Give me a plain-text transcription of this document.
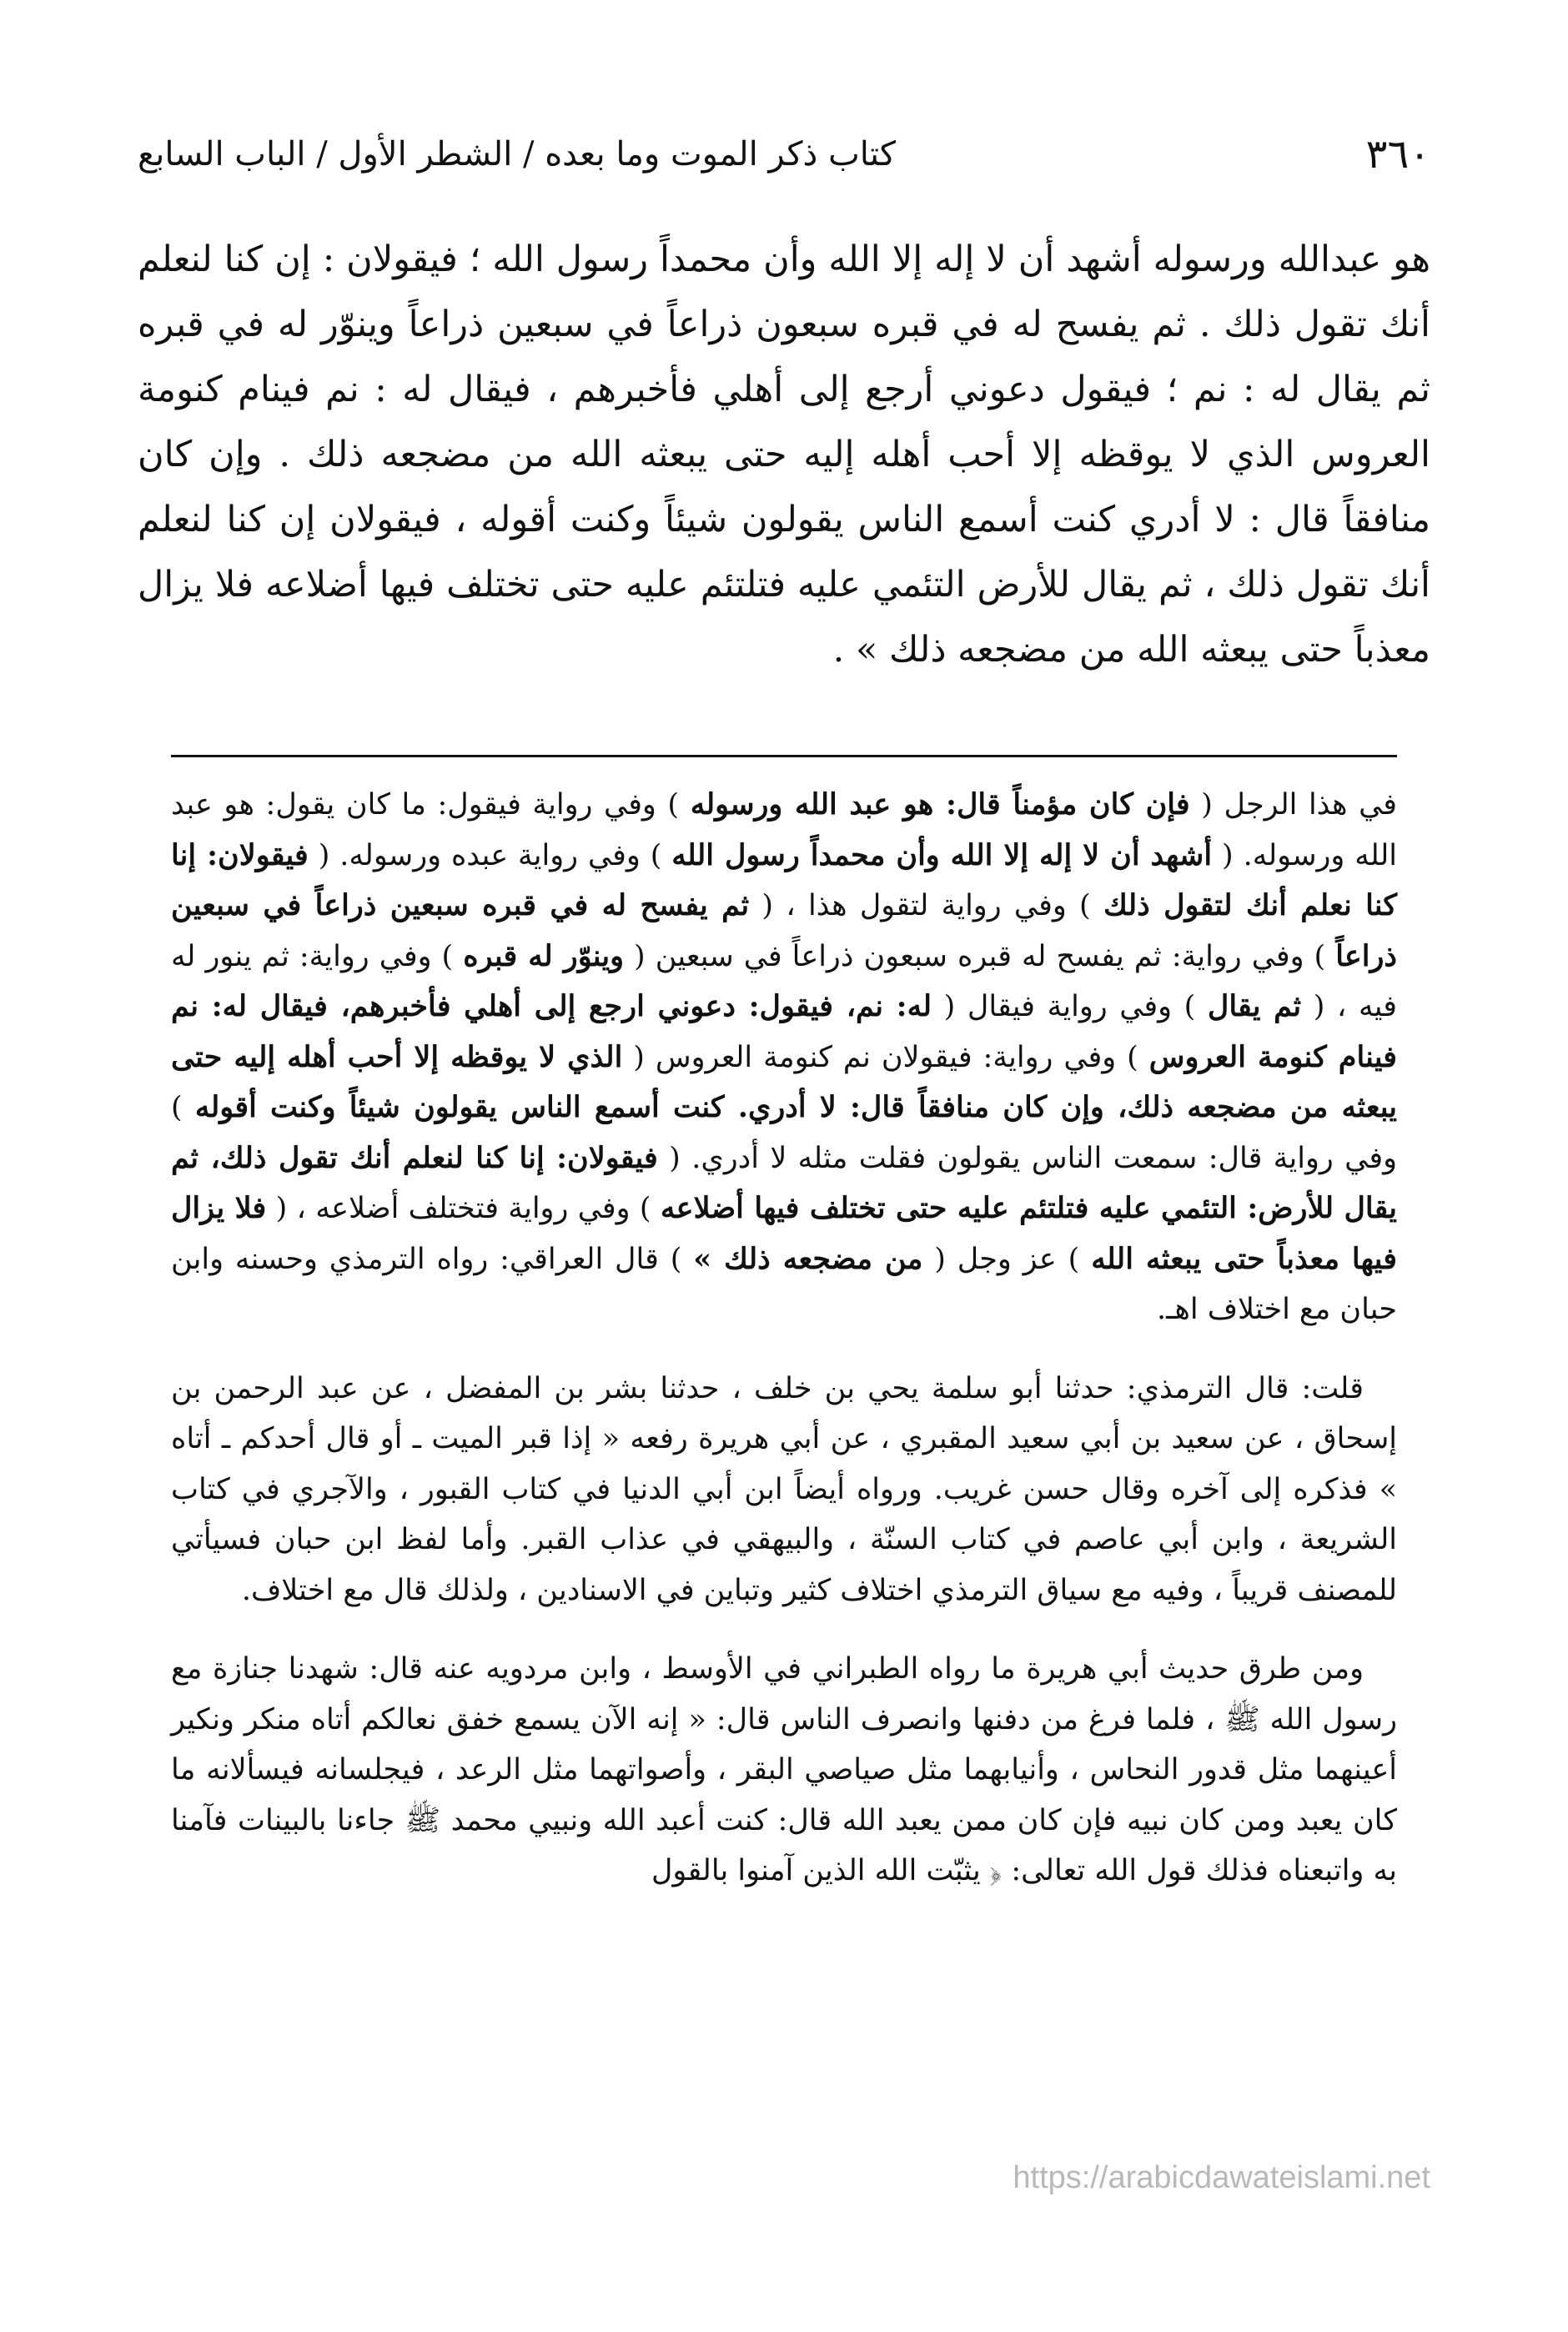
٣٦٠
كتاب ذكر الموت وما بعده / الشطر الأول / الباب السابع

هو عبدالله ورسوله أشهد أن لا إله إلا الله وأن محمداً رسول الله ؛ فيقولان : إن كنا لنعلم أنك تقول ذلك . ثم يفسح له في قبره سبعون ذراعاً في سبعين ذراعاً وينوّر له في قبره ثم يقال له : نم ؛ فيقول دعوني أرجع إلى أهلي فأخبرهم ، فيقال له : نم فينام كنومة العروس الذي لا يوقظه إلا أحب أهله إليه حتى يبعثه الله من مضجعه ذلك . وإن كان منافقاً قال : لا أدري كنت أسمع الناس يقولون شيئاً وكنت أقوله ، فيقولان إن كنا لنعلم أنك تقول ذلك ، ثم يقال للأرض التئمي عليه فتلتئم عليه حتى تختلف فيها أضلاعه فلا يزال معذباً حتى يبعثه الله من مضجعه ذلك » .

في هذا الرجل ( فإن كان مؤمناً قال: هو عبد الله ورسوله ) وفي رواية فيقول: ما كان يقول: هو عبد الله ورسوله. ( أشهد أن لا إله إلا الله وأن محمداً رسول الله ) وفي رواية عبده ورسوله. ( فيقولان: إنا كنا نعلم أنك لتقول ذلك ) وفي رواية لتقول هذا ، ( ثم يفسح له في قبره سبعين ذراعاً في سبعين ذراعاً ) وفي رواية: ثم يفسح له قبره سبعون ذراعاً في سبعين ( وينوّر له قبره ) وفي رواية: ثم ينور له فيه ، ( ثم يقال ) وفي رواية فيقال ( له: نم، فيقول: دعوني ارجع إلى أهلي فأخبرهم، فيقال له: نم فينام كنومة العروس ) وفي رواية: فيقولان نم كنومة العروس ( الذي لا يوقظه إلا أحب أهله إليه حتى يبعثه من مضجعه ذلك، وإن كان منافقاً قال: لا أدري. كنت أسمع الناس يقولون شيئاً وكنت أقوله ) وفي رواية قال: سمعت الناس يقولون فقلت مثله لا أدري. ( فيقولان: إنا كنا لنعلم أنك تقول ذلك، ثم يقال للأرض: التئمي عليه فتلتئم عليه حتى تختلف فيها أضلاعه ) وفي رواية فتختلف أضلاعه ، ( فلا يزال فيها معذباً حتى يبعثه الله ) عز وجل ( من مضجعه ذلك » ) قال العراقي: رواه الترمذي وحسنه وابن حبان مع اختلاف اهـ.

قلت: قال الترمذي: حدثنا أبو سلمة يحي بن خلف ، حدثنا بشر بن المفضل ، عن عبد الرحمن بن إسحاق ، عن سعيد بن أبي سعيد المقبري ، عن أبي هريرة رفعه « إذا قبر الميت ـ أو قال أحدكم ـ أتاه » فذكره إلى آخره وقال حسن غريب. ورواه أيضاً ابن أبي الدنيا في كتاب القبور ، والآجري في كتاب الشريعة ، وابن أبي عاصم في كتاب السنّة ، والبيهقي في عذاب القبر. وأما لفظ ابن حبان فسيأتي للمصنف قريباً ، وفيه مع سياق الترمذي اختلاف كثير وتباين في الاسنادين ، ولذلك قال مع اختلاف.

ومن طرق حديث أبي هريرة ما رواه الطبراني في الأوسط ، وابن مردويه عنه قال: شهدنا جنازة مع رسول الله ﷺ ، فلما فرغ من دفنها وانصرف الناس قال: « إنه الآن يسمع خفق نعالكم أتاه منكر ونكير أعينهما مثل قدور النحاس ، وأنيابهما مثل صياصي البقر ، وأصواتهما مثل الرعد ، فيجلسانه فيسألانه ما كان يعبد ومن كان نبيه فإن كان ممن يعبد الله قال: كنت أعبد الله ونبيي محمد ﷺ جاءنا بالبينات فآمنا به واتبعناه فذلك قول الله تعالى: ﴿ يثبّت الله الذين آمنوا بالقول

https://arabicdawateislami.net
